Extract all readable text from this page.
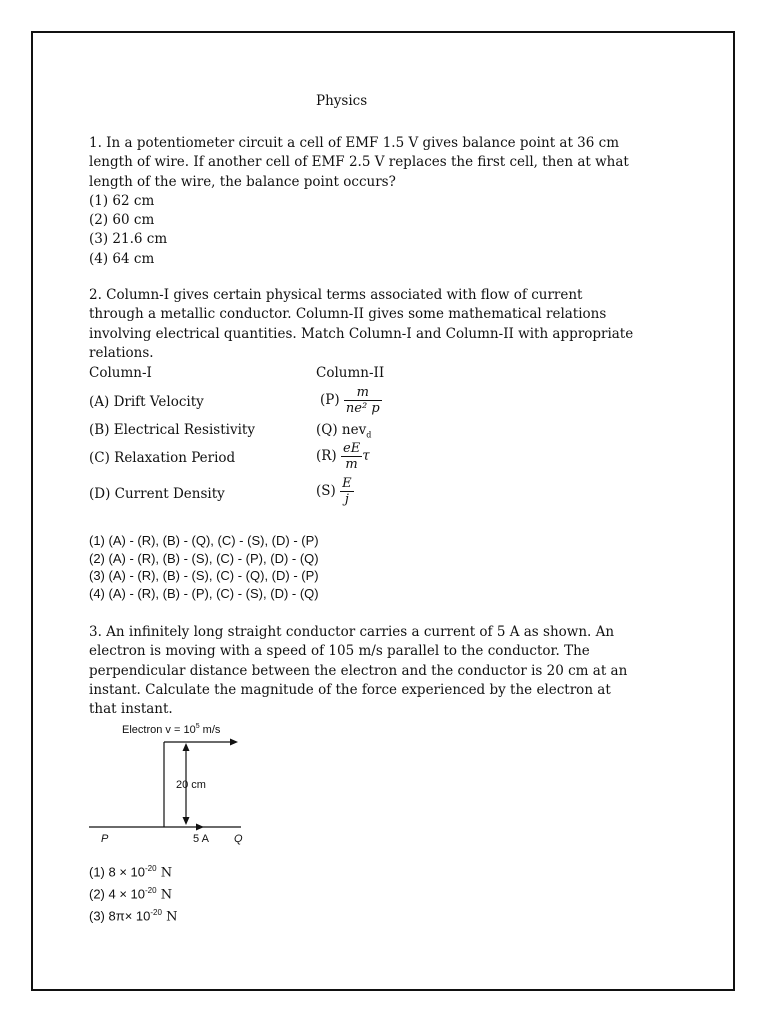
Physics

1. In a potentiometer circuit a cell of EMF 1.5 V gives balance point at 36 cm

length of wire. If another cell of EMF 2.5 V replaces the first cell, then at what

length of the wire, the balance point occurs?

(1) 62 cm

(2) 60 cm

(3) 21.6 cm

(4) 64 cm

2. Column-I gives certain physical terms associated with flow of current

through a metallic conductor. Column-II gives some mathematical relations

involving electrical quantities. Match Column-I and Column-II with appropriate

relations.

Column-I	Column-II
(A) Drift Velocity	$(P) \frac{m}{\text{ne² p}}$
(B) Electrical Resistivity	(Q) nev$_d$
(C) Relaxation Period	$(R) \frac{eE}{m}$ τ
(D) Current Density	$(S) \frac{E}{j}$

(1) (A) - (R), (B) - (Q), (C) - (S), (D) - (P)

(2) (A) - (R), (B) - (S), (C) - (P), (D) - (Q)

(3) (A) - (R), (B) - (S), (C) - (Q), (D) - (P)

(4) (A) - (R), (B) - (P), (C) - (S), (D) - (Q)

3. An infinitely long straight conductor carries a current of 5 A as shown. An

electron is moving with a speed of 105 m/s parallel to the conductor. The

perpendicular distance between the electron and the conductor is 20 cm at an

instant. Calculate the magnitude of the force experienced by the electron at

that instant.

Electron $v = 10^5$ m/s
20 cm
P	5 A Q

(1) $8 \times 10^{-20}$ N

(2) $4 \times 10^{-20}$ N

(3) $8\pi\times 10^{-20}$ N
